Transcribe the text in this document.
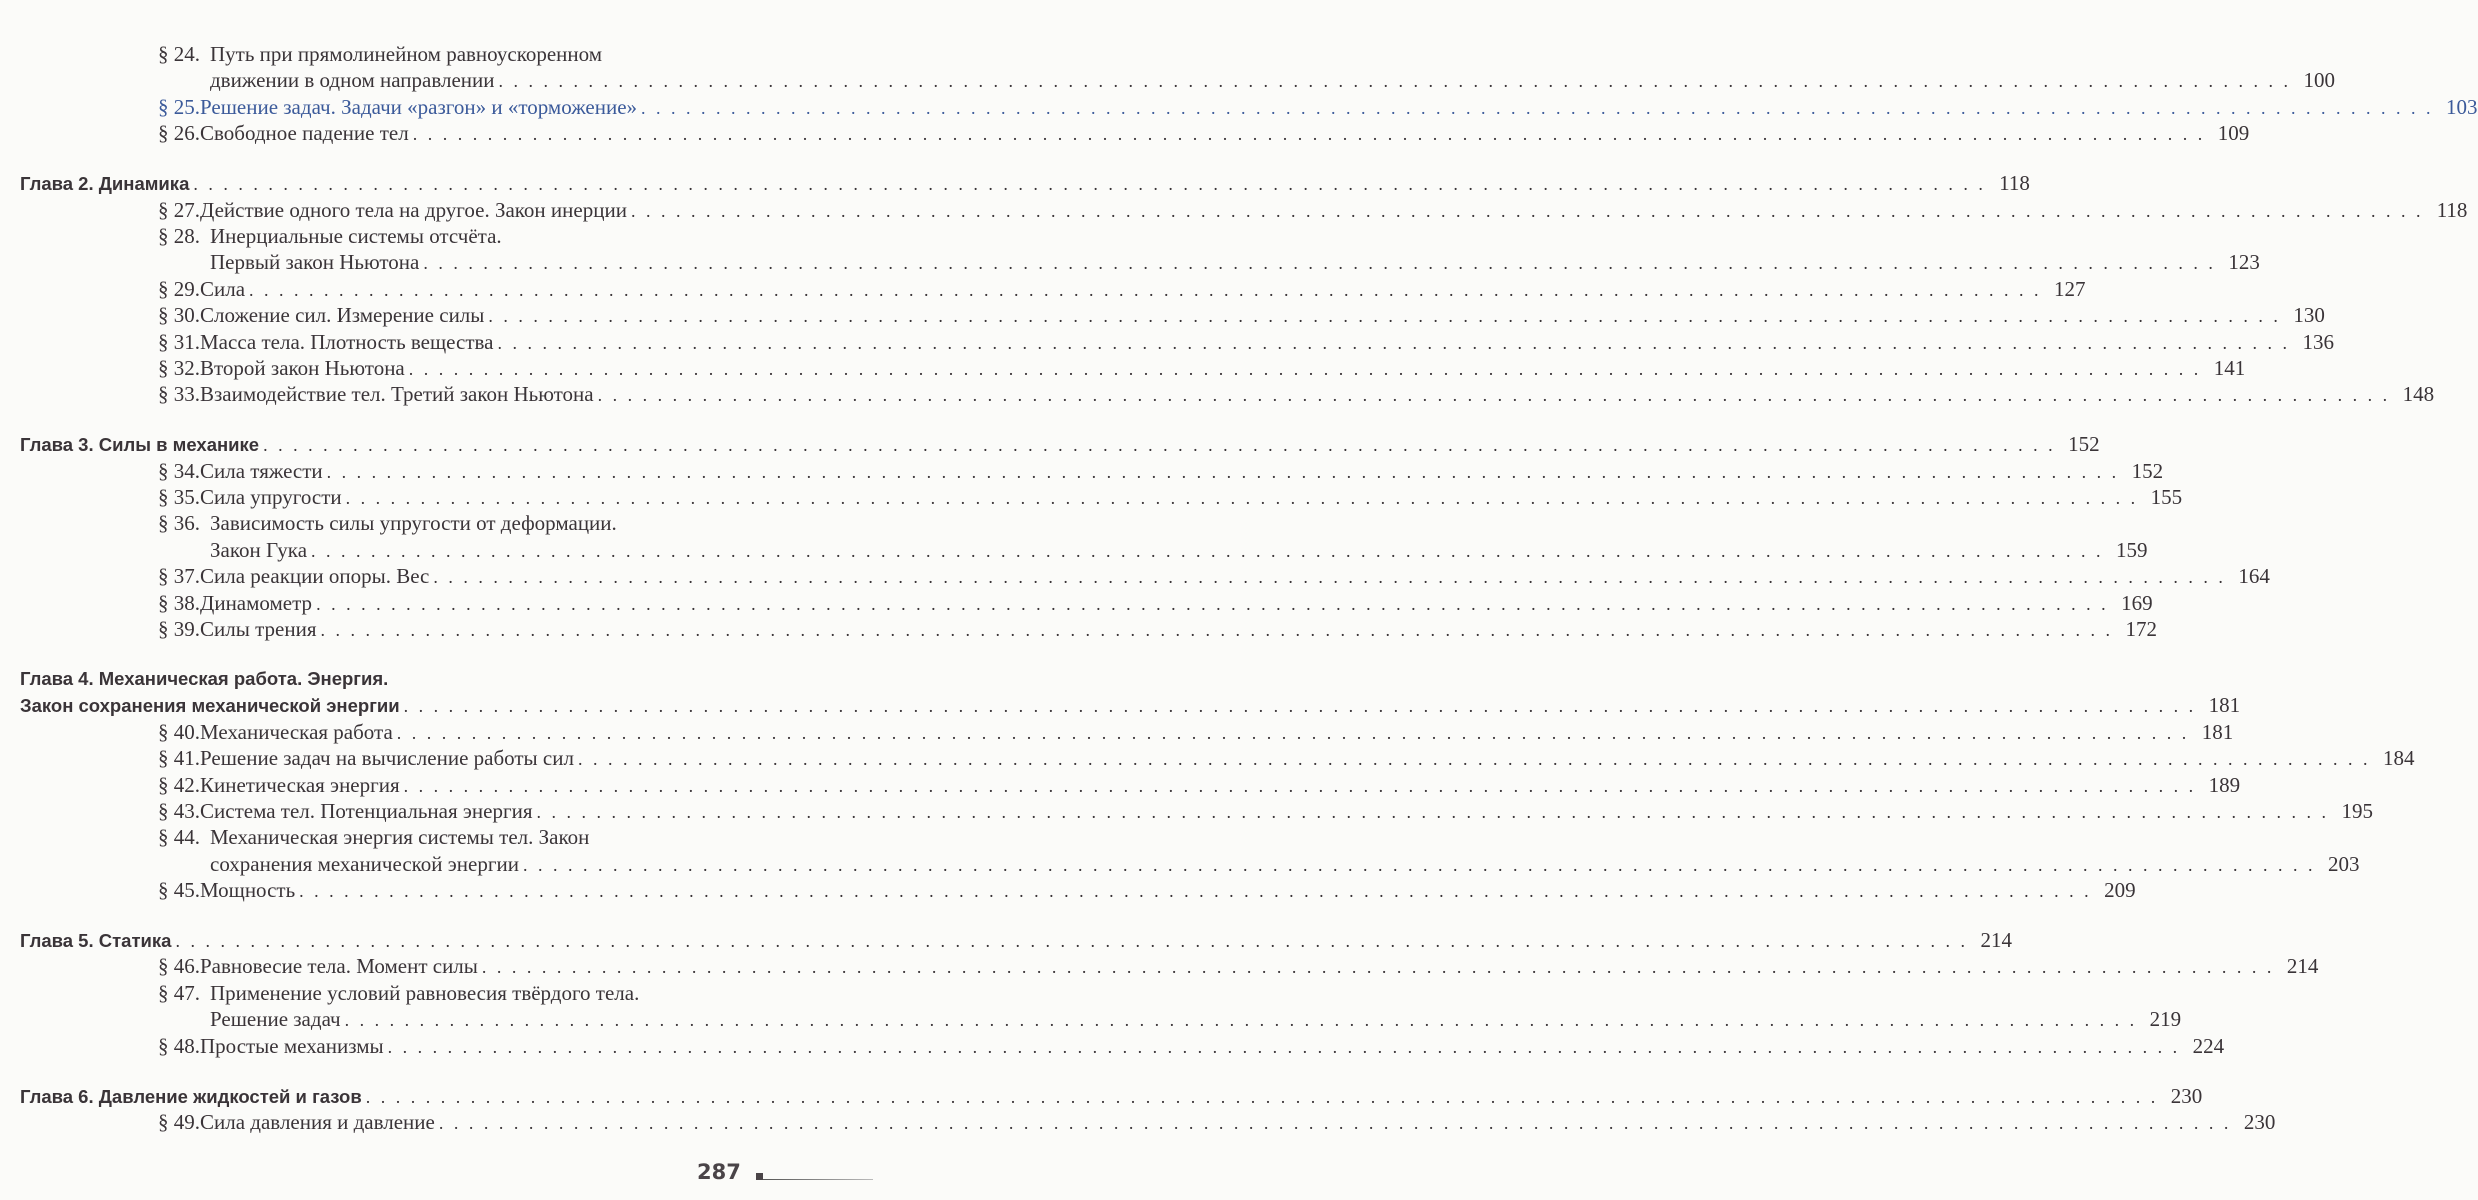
§ 24. Путь при прямолинейном равноускоренном
движении в одном направлении . . . . . . . . . . . . . . . . . . . . . . . . . . . . . . . . . . . . . . . . . . . . . . . . . . . . . . . . . . . . . . . . . . . . . . . . . . . . . . . . . . . . . . . . . . . . . . . . . . . . . . . . . . . . . . . . . . . . . . . . 100
§ 25. Решение задач. Задачи «разгон» и «торможение» . . . . . . . . . . . . . . . . . . . . . . . . . . . . . . . . . . . . . . . . . . . . . . . . . . . . . . . . . . . . . . . . . . . . . . . . . . . . . . . . . . . . . . . . . . . . . . . . . . . . . . . . . . . . . . . . . . . . . . . . 103
§ 26. Свободное падение тел . . . . . . . . . . . . . . . . . . . . . . . . . . . . . . . . . . . . . . . . . . . . . . . . . . . . . . . . . . . . . . . . . . . . . . . . . . . . . . . . . . . . . . . . . . . . . . . . . . . . . . . . . . . . . . . . . . . . . . . . 109
Глава 2. Динамика . . . . . . . . . . . . . . . . . . . . . . . . . . . . . . . . . . . . . . . . . . . . . . . . . . . . . . . . . . . . . . . . . . . . . . . . . . . . . . . . . . . . . . . . . . . . . . . . . . . . . . . . . . . . . . . . . . . . . . . . 118
§ 27. Действие одного тела на другое. Закон инерции . . . . . . . . . . . . . . . . . . . . . . . . . . . . . . . . . . . . . . . . . . . . . . . . . . . . . . . . . . . . . . . . . . . . . . . . . . . . . . . . . . . . . . . . . . . . . . . . . . . . . . . . . . . . . . . . . . . . . . . . 118
§ 28. Инерциальные системы отсчёта.
Первый закон Ньютона . . . . . . . . . . . . . . . . . . . . . . . . . . . . . . . . . . . . . . . . . . . . . . . . . . . . . . . . . . . . . . . . . . . . . . . . . . . . . . . . . . . . . . . . . . . . . . . . . . . . . . . . . . . . . . . . . . . . . . . . 123
§ 29. Сила . . . . . . . . . . . . . . . . . . . . . . . . . . . . . . . . . . . . . . . . . . . . . . . . . . . . . . . . . . . . . . . . . . . . . . . . . . . . . . . . . . . . . . . . . . . . . . . . . . . . . . . . . . . . . . . . . . . . . . . . 127
§ 30. Сложение сил. Измерение силы . . . . . . . . . . . . . . . . . . . . . . . . . . . . . . . . . . . . . . . . . . . . . . . . . . . . . . . . . . . . . . . . . . . . . . . . . . . . . . . . . . . . . . . . . . . . . . . . . . . . . . . . . . . . . . . . . . . . . . . . 130
§ 31. Масса тела. Плотность вещества . . . . . . . . . . . . . . . . . . . . . . . . . . . . . . . . . . . . . . . . . . . . . . . . . . . . . . . . . . . . . . . . . . . . . . . . . . . . . . . . . . . . . . . . . . . . . . . . . . . . . . . . . . . . . . . . . . . . . . . . 136
§ 32. Второй закон Ньютона . . . . . . . . . . . . . . . . . . . . . . . . . . . . . . . . . . . . . . . . . . . . . . . . . . . . . . . . . . . . . . . . . . . . . . . . . . . . . . . . . . . . . . . . . . . . . . . . . . . . . . . . . . . . . . . . . . . . . . . . 141
§ 33. Взаимодействие тел. Третий закон Ньютона . . . . . . . . . . . . . . . . . . . . . . . . . . . . . . . . . . . . . . . . . . . . . . . . . . . . . . . . . . . . . . . . . . . . . . . . . . . . . . . . . . . . . . . . . . . . . . . . . . . . . . . . . . . . . . . . . . . . . . . . 148
Глава 3. Силы в механике . . . . . . . . . . . . . . . . . . . . . . . . . . . . . . . . . . . . . . . . . . . . . . . . . . . . . . . . . . . . . . . . . . . . . . . . . . . . . . . . . . . . . . . . . . . . . . . . . . . . . . . . . . . . . . . . . . . . . . . . 152
§ 34. Сила тяжести . . . . . . . . . . . . . . . . . . . . . . . . . . . . . . . . . . . . . . . . . . . . . . . . . . . . . . . . . . . . . . . . . . . . . . . . . . . . . . . . . . . . . . . . . . . . . . . . . . . . . . . . . . . . . . . . . . . . . . . . 152
§ 35. Сила упругости . . . . . . . . . . . . . . . . . . . . . . . . . . . . . . . . . . . . . . . . . . . . . . . . . . . . . . . . . . . . . . . . . . . . . . . . . . . . . . . . . . . . . . . . . . . . . . . . . . . . . . . . . . . . . . . . . . . . . . . . 155
§ 36. Зависимость силы упругости от деформации.
Закон Гука . . . . . . . . . . . . . . . . . . . . . . . . . . . . . . . . . . . . . . . . . . . . . . . . . . . . . . . . . . . . . . . . . . . . . . . . . . . . . . . . . . . . . . . . . . . . . . . . . . . . . . . . . . . . . . . . . . . . . . . . 159
§ 37. Сила реакции опоры. Вес . . . . . . . . . . . . . . . . . . . . . . . . . . . . . . . . . . . . . . . . . . . . . . . . . . . . . . . . . . . . . . . . . . . . . . . . . . . . . . . . . . . . . . . . . . . . . . . . . . . . . . . . . . . . . . . . . . . . . . . . 164
§ 38. Динамометр . . . . . . . . . . . . . . . . . . . . . . . . . . . . . . . . . . . . . . . . . . . . . . . . . . . . . . . . . . . . . . . . . . . . . . . . . . . . . . . . . . . . . . . . . . . . . . . . . . . . . . . . . . . . . . . . . . . . . . . . 169
§ 39. Силы трения . . . . . . . . . . . . . . . . . . . . . . . . . . . . . . . . . . . . . . . . . . . . . . . . . . . . . . . . . . . . . . . . . . . . . . . . . . . . . . . . . . . . . . . . . . . . . . . . . . . . . . . . . . . . . . . . . . . . . . . . 172
Глава 4. Механическая работа. Энергия.
Закон сохранения механической энергии . . . . . . . . . . . . . . . . . . . . . . . . . . . . . . . . . . . . . . . . . . . . . . . . . . . . . . . . . . . . . . . . . . . . . . . . . . . . . . . . . . . . . . . . . . . . . . . . . . . . . . . . . . . . . . . . . . . . . . . . 181
§ 40. Механическая работа . . . . . . . . . . . . . . . . . . . . . . . . . . . . . . . . . . . . . . . . . . . . . . . . . . . . . . . . . . . . . . . . . . . . . . . . . . . . . . . . . . . . . . . . . . . . . . . . . . . . . . . . . . . . . . . . . . . . . . . . 181
§ 41. Решение задач на вычисление работы сил . . . . . . . . . . . . . . . . . . . . . . . . . . . . . . . . . . . . . . . . . . . . . . . . . . . . . . . . . . . . . . . . . . . . . . . . . . . . . . . . . . . . . . . . . . . . . . . . . . . . . . . . . . . . . . . . . . . . . . . . 184
§ 42. Кинетическая энергия . . . . . . . . . . . . . . . . . . . . . . . . . . . . . . . . . . . . . . . . . . . . . . . . . . . . . . . . . . . . . . . . . . . . . . . . . . . . . . . . . . . . . . . . . . . . . . . . . . . . . . . . . . . . . . . . . . . . . . . . 189
§ 43. Система тел. Потенциальная энергия . . . . . . . . . . . . . . . . . . . . . . . . . . . . . . . . . . . . . . . . . . . . . . . . . . . . . . . . . . . . . . . . . . . . . . . . . . . . . . . . . . . . . . . . . . . . . . . . . . . . . . . . . . . . . . . . . . . . . . . . 195
§ 44. Механическая энергия системы тел. Закон
сохранения механической энергии . . . . . . . . . . . . . . . . . . . . . . . . . . . . . . . . . . . . . . . . . . . . . . . . . . . . . . . . . . . . . . . . . . . . . . . . . . . . . . . . . . . . . . . . . . . . . . . . . . . . . . . . . . . . . . . . . . . . . . . . 203
§ 45. Мощность . . . . . . . . . . . . . . . . . . . . . . . . . . . . . . . . . . . . . . . . . . . . . . . . . . . . . . . . . . . . . . . . . . . . . . . . . . . . . . . . . . . . . . . . . . . . . . . . . . . . . . . . . . . . . . . . . . . . . . . . 209
Глава 5. Статика . . . . . . . . . . . . . . . . . . . . . . . . . . . . . . . . . . . . . . . . . . . . . . . . . . . . . . . . . . . . . . . . . . . . . . . . . . . . . . . . . . . . . . . . . . . . . . . . . . . . . . . . . . . . . . . . . . . . . . . . 214
§ 46. Равновесие тела. Момент силы . . . . . . . . . . . . . . . . . . . . . . . . . . . . . . . . . . . . . . . . . . . . . . . . . . . . . . . . . . . . . . . . . . . . . . . . . . . . . . . . . . . . . . . . . . . . . . . . . . . . . . . . . . . . . . . . . . . . . . . . 214
§ 47. Применение условий равновесия твёрдого тела.
Решение задач . . . . . . . . . . . . . . . . . . . . . . . . . . . . . . . . . . . . . . . . . . . . . . . . . . . . . . . . . . . . . . . . . . . . . . . . . . . . . . . . . . . . . . . . . . . . . . . . . . . . . . . . . . . . . . . . . . . . . . . . 219
§ 48. Простые механизмы . . . . . . . . . . . . . . . . . . . . . . . . . . . . . . . . . . . . . . . . . . . . . . . . . . . . . . . . . . . . . . . . . . . . . . . . . . . . . . . . . . . . . . . . . . . . . . . . . . . . . . . . . . . . . . . . . . . . . . . . 224
Глава 6. Давление жидкостей и газов . . . . . . . . . . . . . . . . . . . . . . . . . . . . . . . . . . . . . . . . . . . . . . . . . . . . . . . . . . . . . . . . . . . . . . . . . . . . . . . . . . . . . . . . . . . . . . . . . . . . . . . . . . . . . . . . . . . . . . . . 230
§ 49. Сила давления и давление . . . . . . . . . . . . . . . . . . . . . . . . . . . . . . . . . . . . . . . . . . . . . . . . . . . . . . . . . . . . . . . . . . . . . . . . . . . . . . . . . . . . . . . . . . . . . . . . . . . . . . . . . . . . . . . . . . . . . . . . 230
287
